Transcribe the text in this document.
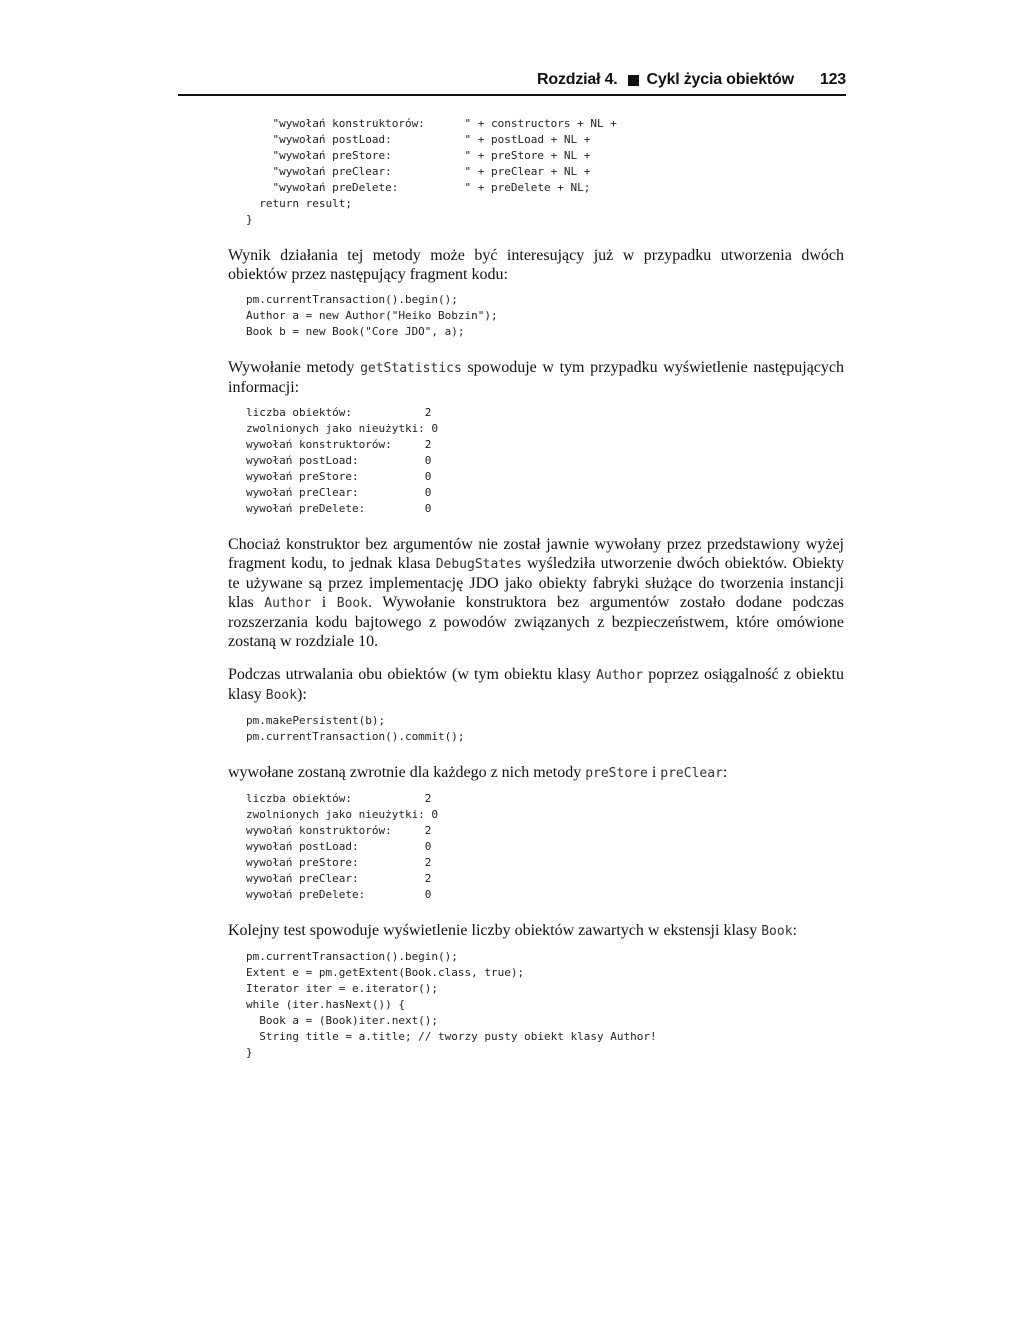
Rozdział 4. Cykl życia obiektów 123
"wywołań konstruktorów:      " + constructors + NL +
"wywołań postLoad:           " + postLoad + NL +
"wywołań preStore:           " + preStore + NL +
"wywołań preClear:           " + preClear + NL +
"wywołań preDelete:          " + preDelete + NL;
return result;
}

Wynik działania tej metody może być interesujący już w przypadku utworzenia dwóch obiektów przez następujący fragment kodu:

pm.currentTransaction().begin();
Author a = new Author("Heiko Bobzin");
Book b = new Book("Core JDO", a);

Wywołanie metody getStatistics spowoduje w tym przypadku wyświetlenie następujących informacji:

liczba obiektów:           2
zwolnionych jako nieużytki: 0
wywołań konstruktorów:     2
wywołań postLoad:          0
wywołań preStore:          0
wywołań preClear:          0
wywołań preDelete:         0

Chociaż konstruktor bez argumentów nie został jawnie wywołany przez przedstawiony wyżej fragment kodu, to jednak klasa DebugStates wyśledziła utworzenie dwóch obiektów. Obiekty te używane są przez implementację JDO jako obiekty fabryki służące do tworzenia instancji klas Author i Book. Wywołanie konstruktora bez argumentów zostało dodane podczas rozszerzania kodu bajtowego z powodów związanych z bezpieczeństwem, które omówione zostaną w rozdziale 10.

Podczas utrwalania obu obiektów (w tym obiektu klasy Author poprzez osiągalność z obiektu klasy Book):

pm.makePersistent(b);
pm.currentTransaction().commit();

wywołane zostaną zwrotnie dla każdego z nich metody preStore i preClear:

liczba obiektów:           2
zwolnionych jako nieużytki: 0
wywołań konstruktorów:     2
wywołań postLoad:          0
wywołań preStore:          2
wywołań preClear:          2
wywołań preDelete:         0

Kolejny test spowoduje wyświetlenie liczby obiektów zawartych w ekstensji klasy Book:

pm.currentTransaction().begin();
Extent e = pm.getExtent(Book.class, true);
Iterator iter = e.iterator();
while (iter.hasNext()) {
Book a = (Book)iter.next();
String title = a.title; // tworzy pusty obiekt klasy Author!
}
